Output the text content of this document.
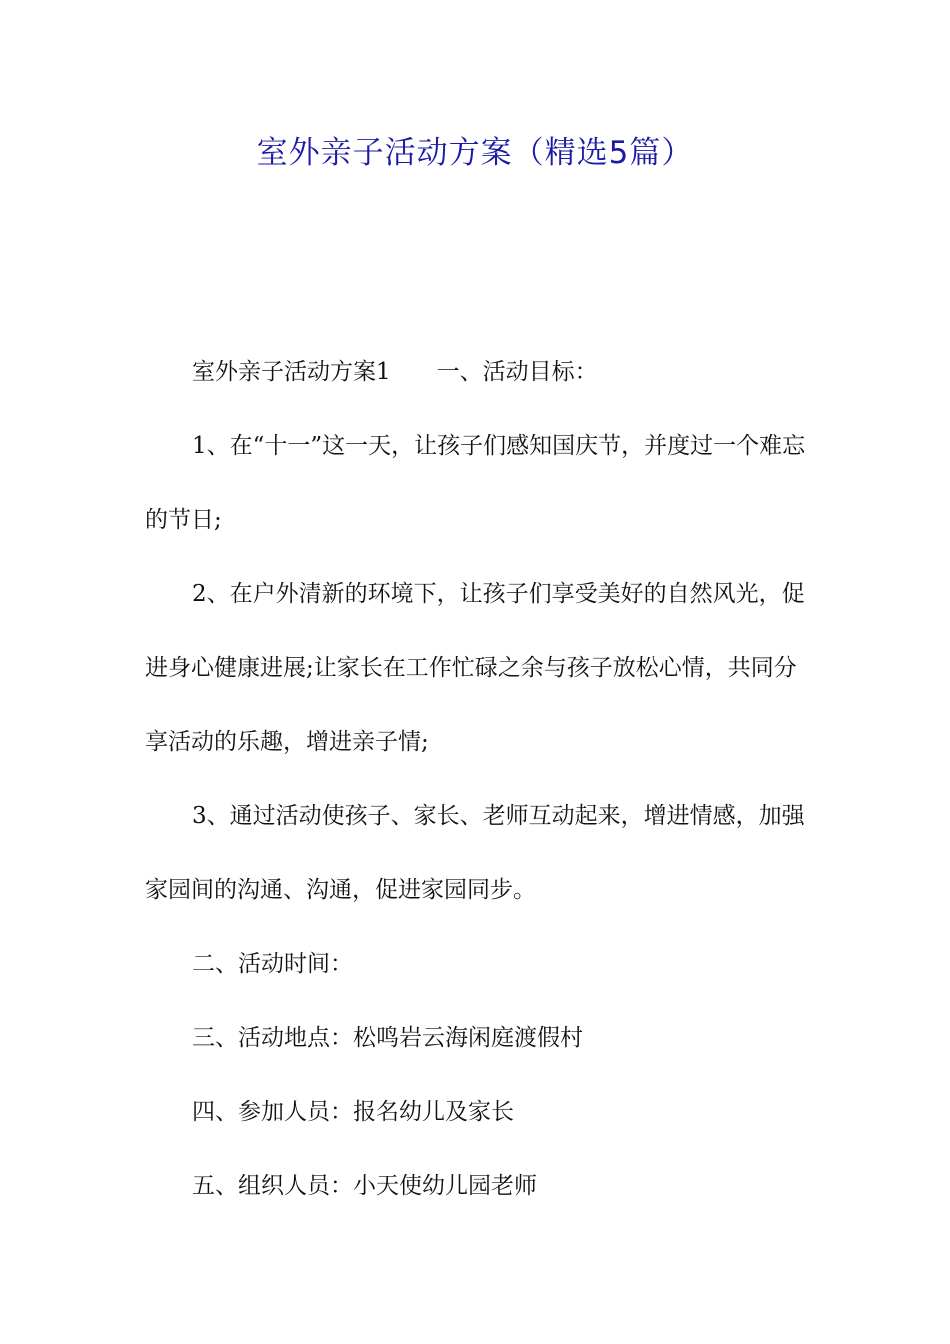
室外亲子活动方案（精选5篇）

室外亲子活动方案1 一、活动目标：

1、在“十一”这一天，让孩子们感知国庆节，并度过一个难忘的节日;

2、在户外清新的环境下，让孩子们享受美好的自然风光，促进身心健康进展;让家长在工作忙碌之余与孩子放松心情，共同分享活动的乐趣，增进亲子情;

3、通过活动使孩子、家长、老师互动起来，增进情感，加强家园间的沟通、沟通，促进家园同步。

二、活动时间：

三、活动地点：松鸣岩云海闲庭渡假村

四、参加人员：报名幼儿及家长

五、组织人员：小天使幼儿园老师
